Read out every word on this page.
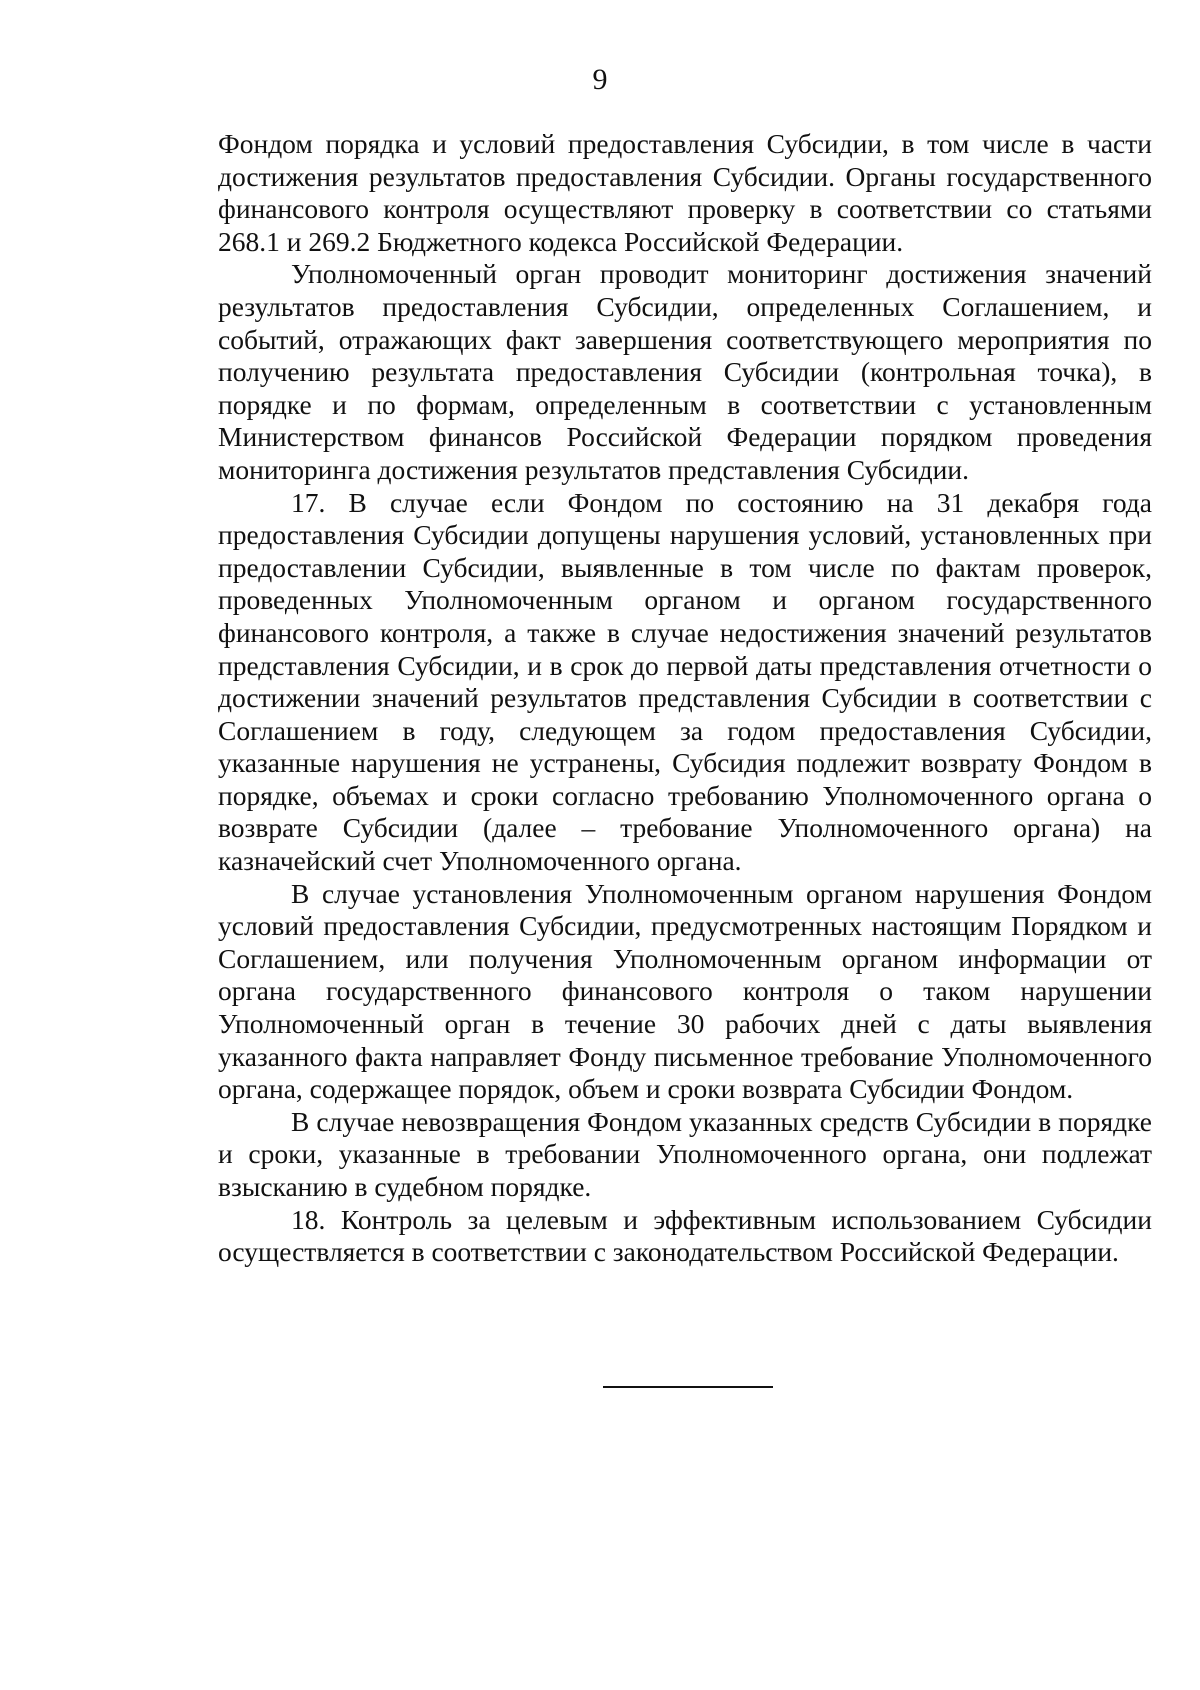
9

Фондом порядка и условий предоставления Субсидии, в том числе в части достижения результатов предоставления Субсидии. Органы государственного финансового контроля осуществляют проверку в соответствии со статьями 268.1 и 269.2 Бюджетного кодекса Российской Федерации.

Уполномоченный орган проводит мониторинг достижения значений результатов предоставления Субсидии, определенных Соглашением, и событий, отражающих факт завершения соответствующего мероприятия по получению результата предоставления Субсидии (контрольная точка), в порядке и по формам, определенным в соответствии с установленным Министерством финансов Российской Федерации порядком проведения мониторинга достижения результатов представления Субсидии.

17. В случае если Фондом по состоянию на 31 декабря года предоставления Субсидии допущены нарушения условий, установленных при предоставлении Субсидии, выявленные в том числе по фактам проверок, проведенных Уполномоченным органом и органом государственного финансового контроля, а также в случае недостижения значений результатов представления Субсидии, и в срок до первой даты представления отчетности о достижении значений результатов представления Субсидии в соответствии с Соглашением в году, следующем за годом предоставления Субсидии, указанные нарушения не устранены, Субсидия подлежит возврату Фондом в порядке, объемах и сроки согласно требованию Уполномоченного органа о возврате Субсидии (далее – требование Уполномоченного органа) на казначейский счет Уполномоченного органа.

В случае установления Уполномоченным органом нарушения Фондом условий предоставления Субсидии, предусмотренных настоящим Порядком и Соглашением, или получения Уполномоченным органом информации от органа государственного финансового контроля о таком нарушении Уполномоченный орган в течение 30 рабочих дней с даты выявления указанного факта направляет Фонду письменное требование Уполномоченного органа, содержащее порядок, объем и сроки возврата Субсидии Фондом.

В случае невозвращения Фондом указанных средств Субсидии в порядке и сроки, указанные в требовании Уполномоченного органа, они подлежат взысканию в судебном порядке.

18. Контроль за целевым и эффективным использованием Субсидии осуществляется в соответствии с законодательством Российской Федерации.
